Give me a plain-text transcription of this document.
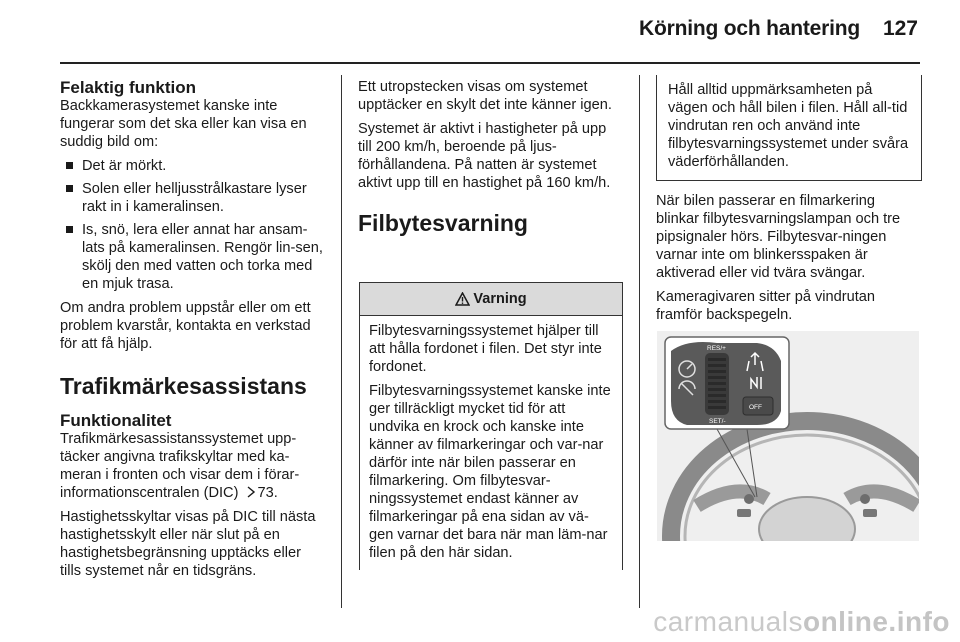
Körning och hantering 127
Felaktig funktion

Backkamerasystemet kanske inte fungerar som det ska eller kan visa en suddig bild om:

Det är mörkt.
Solen eller helljusstrålkastare lyser rakt in i kameralinsen.
Is, snö, lera eller annat har ansam-lats på kameralinsen. Rengör lin-sen, skölj den med vatten och torka med en mjuk trasa.

Om andra problem uppstår eller om ett problem kvarstår, kontakta en verkstad för att få hjälp.

Trafikmärkesassistans
Funktionalitet

Trafikmärkesassistanssystemet upp-täcker angivna trafikskyltar med ka-meran i fronten och visar dem i förar-informationscentralen (DIC) 73.

Hastighetsskyltar visas på DIC till nästa hastighetsskylt eller när slut på en hastighetsbegränsning upptäcks eller tills systemet når en tidsgräns.

Ett utropstecken visas om systemet upptäcker en skylt det inte känner igen.

Systemet är aktivt i hastigheter på upp till 200 km/h, beroende på ljus-förhållandena. På natten är systemet aktivt upp till en hastighet på 160 km/h.

Filbytesvarning
Varning

Filbytesvarningssystemet hjälper till att hålla fordonet i filen. Det styr inte fordonet.

Filbytesvarningssystemet kanske inte ger tillräckligt mycket tid för att undvika en krock och kanske inte känner av filmarkeringar och var-nar därför inte när bilen passerar en filmarkering. Om filbytesvar-ningssystemet endast känner av filmarkeringar på ena sidan av vä-gen varnar det bara när man läm-nar filen på den här sidan.

Håll alltid uppmärksamheten på vägen och håll bilen i filen. Håll all-tid vindrutan ren och använd inte filbytesvarningssystemet under svåra väderförhållanden.

När bilen passerar en filmarkering blinkar filbytesvarningslampan och tre pipsignaler hörs. Filbytesvar-ningen varnar inte om blinkersspaken är aktiverad eller vid tvära svängar.

Kameragivaren sitter på vindrutan framför backspegeln.

RES/+
SET/-
OFF
carmanualsonline.info
